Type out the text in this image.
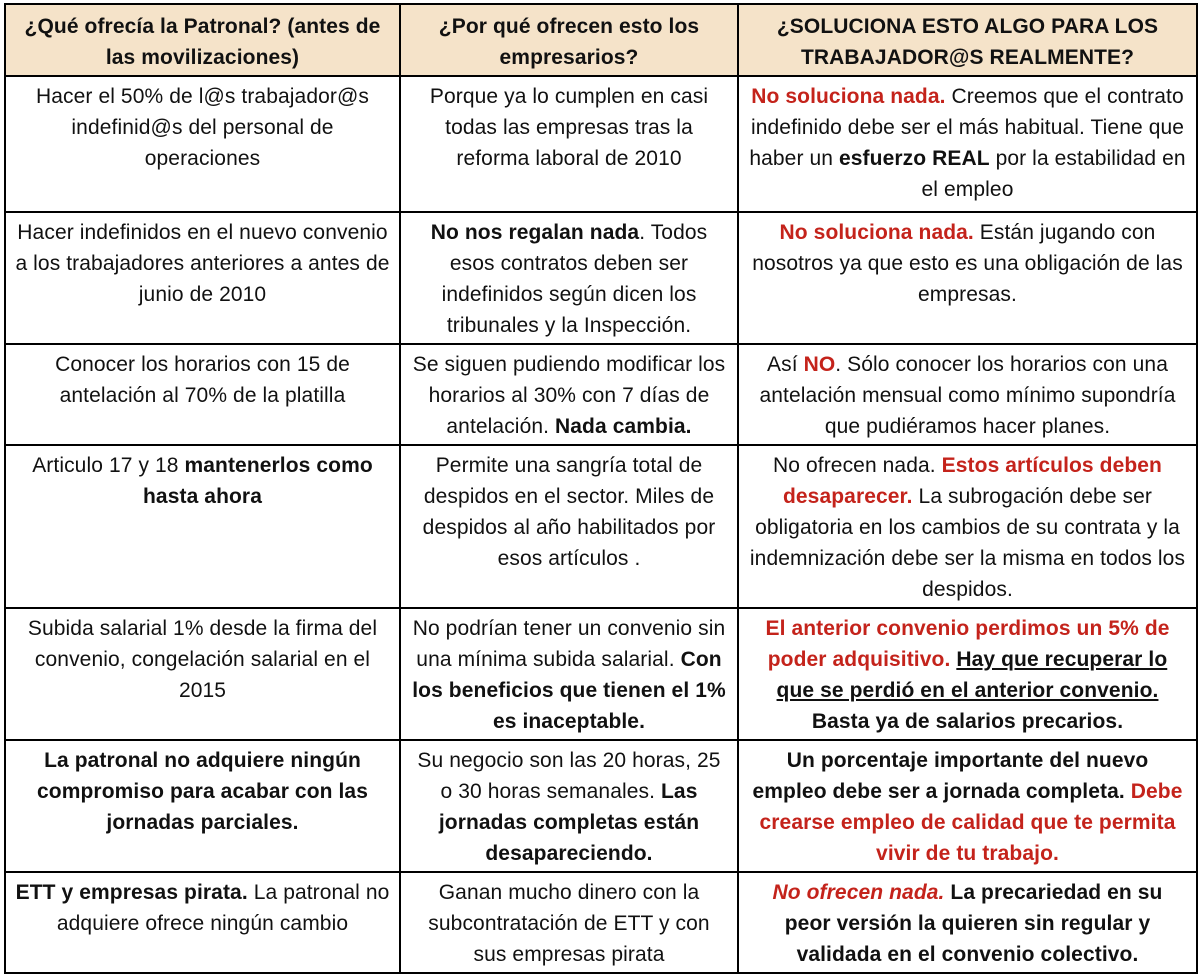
¿Qué ofrecía la Patronal? (antes de las movilizaciones)	¿Por qué ofrecen esto los empresarios?	¿SOLUCIONA ESTO ALGO PARA LOS TRABAJADOR@S REALMENTE?
Hacer el 50% de l@s trabajador@s indefinid@s del personal de operaciones	Porque ya lo cumplen en casi todas las empresas tras la reforma laboral de 2010	No soluciona nada. Creemos que el contrato indefinido debe ser el más habitual. Tiene que haber un esfuerzo REAL por la estabilidad en el empleo
Hacer indefinidos en el nuevo convenio a los trabajadores anteriores a antes de junio de 2010	No nos regalan nada. Todos esos contratos deben ser indefinidos según dicen los tribunales y la Inspección.	No soluciona nada. Están jugando con nosotros ya que esto es una obligación de las empresas.
Conocer los horarios con 15 de antelación al 70% de la platilla	Se siguen pudiendo modificar los horarios al 30% con 7 días de antelación. Nada cambia.	Así NO. Sólo conocer los horarios con una antelación mensual como mínimo supondría que pudiéramos hacer planes.
Articulo 17 y 18 mantenerlos como hasta ahora	Permite una sangría total de despidos en el sector. Miles de despidos al año habilitados por esos artículos .	No ofrecen nada. Estos artículos deben desaparecer. La subrogación debe ser obligatoria en los cambios de su contrata y la indemnización debe ser la misma en todos los despidos.
Subida salarial 1% desde la firma del convenio, congelación salarial en el 2015	No podrían tener un convenio sin una mínima subida salarial. Con los beneficios que tienen el 1% es inaceptable.	El anterior convenio perdimos un 5% de poder adquisitivo. Hay que recuperar lo que se perdió en el anterior convenio. Basta ya de salarios precarios.
La patronal no adquiere ningún compromiso para acabar con las jornadas parciales.	Su negocio son las 20 horas, 25 o 30 horas semanales. Las jornadas completas están desapareciendo.	Un porcentaje importante del nuevo empleo debe ser a jornada completa. Debe crearse empleo de calidad que te permita vivir de tu trabajo.
ETT y empresas pirata. La patronal no adquiere ofrece ningún cambio	Ganan mucho dinero con la subcontratación de ETT y con sus empresas pirata	No ofrecen nada. La precariedad en su peor versión la quieren sin regular y validada en el convenio colectivo.
